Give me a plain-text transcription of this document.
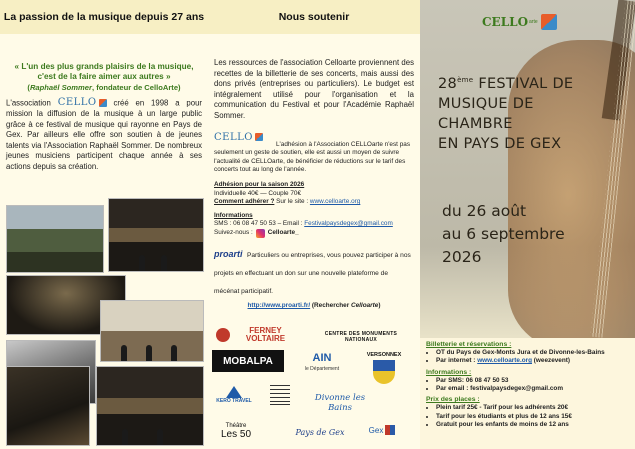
La passion de la musique depuis 27 ans
« L'un des plus grands plaisirs de la musique, c'est de la faire aimer aux autres »
(Raphaël Sommer, fondateur de CelloArte)
L'association CELLO créé en 1998 a pour mission la diffusion de la musique à un large public grâce à ce festival de musique qui rayonne en Pays de Gex. Par ailleurs elle offre son soutien à de jeunes talents via l'Association Raphaël Sommer. De nombreux jeunes musiciens participent chaque année à ses actions depuis sa création.
Nous soutenir
Les ressources de l'association Celloarte proviennent des recettes de la billetterie de ses concerts, mais aussi des dons privés (entreprises ou particuliers). Le budget est intégralement utilisé pour l'organisation et la communication du Festival et pour l'Académie Raphaël Sommer.
CELLO
L'adhésion à l'Association CELLOarte n'est pas seulement un geste de soutien, elle est aussi un moyen de suivre l'actualité de CELLOarte, de bénéficier de réductions sur le tarif des concerts tout au long de l'année.
Adhésion pour la saison 2026
Individuelle 40€ — Couple 70€
Comment adhérer ? Sur le site : www.celloarte.org
Informations
SMS : 06 08 47 50 53 – Email : Festivalpaysdegex@gmail.com
Suivez-nous : Celloarte_
proarti Particuliers ou entreprises, vous pouvez participer à nos projets en effectuant un don sur une nouvelle plateforme de mécénat participatif.
http://www.proarti.fr/ (Rechercher Celloarte)
FERNEY VOLTAIRE	CENTRE DES MONUMENTS NATIONAUX
MOBALPA	AIN
le Département
VERSONNEX
KERO TRAVEL	Divonne les Bains
Théâtre
Les 50	Pays de Gex	Gex
CELLO arte
28ème FESTIVAL DE
MUSIQUE DE
CHAMBRE
EN PAYS DE GEX
du 26 août
au 6 septembre
2026
Billetterie et réservations :
• OT du Pays de Gex-Monts Jura et de Divonne-les-Bains
• Par internet : www.celloarte.org (weezevent)
Informations :
• Par SMS: 06 08 47 50 53
• Par email : festivalpaysdegex@gmail.com
Prix des places :
• Plein tarif 25€ - Tarif pour les adhérents 20€
• Tarif pour les étudiants et plus de 12 ans 15€
• Gratuit pour les enfants de moins de 12 ans
